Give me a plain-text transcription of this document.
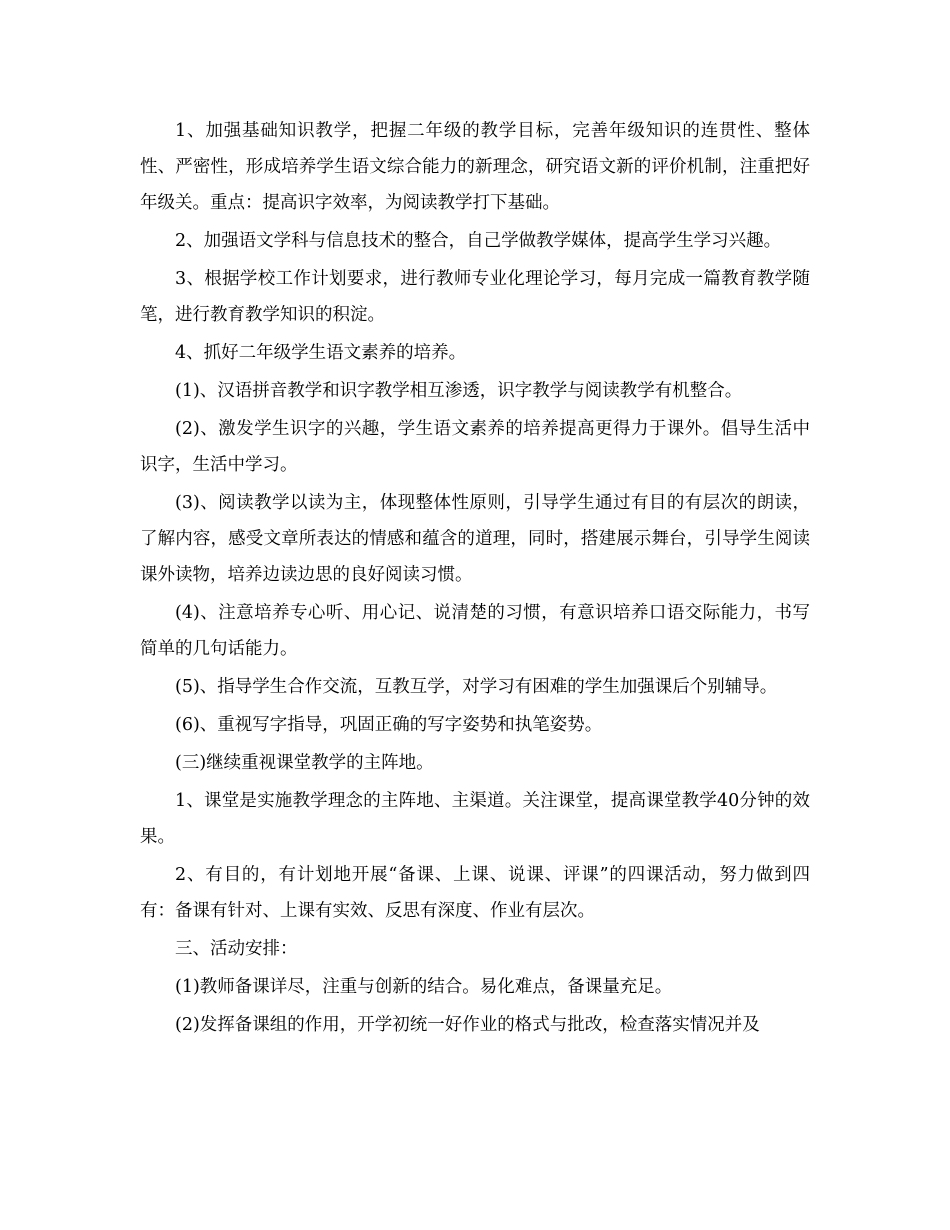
1、加强基础知识教学，把握二年级的教学目标，完善年级知识的连贯性、整体性、严密性，形成培养学生语文综合能力的新理念，研究语文新的评价机制，注重把好年级关。重点：提高识字效率，为阅读教学打下基础。

2、加强语文学科与信息技术的整合，自己学做教学媒体，提高学生学习兴趣。

3、根据学校工作计划要求，进行教师专业化理论学习，每月完成一篇教育教学随笔，进行教育教学知识的积淀。

4、抓好二年级学生语文素养的培养。

(1)、汉语拼音教学和识字教学相互渗透，识字教学与阅读教学有机整合。

(2)、激发学生识字的兴趣，学生语文素养的培养提高更得力于课外。倡导生活中识字，生活中学习。

(3)、阅读教学以读为主，体现整体性原则，引导学生通过有目的有层次的朗读，了解内容，感受文章所表达的情感和蕴含的道理，同时，搭建展示舞台，引导学生阅读课外读物，培养边读边思的良好阅读习惯。

(4)、注意培养专心听、用心记、说清楚的习惯，有意识培养口语交际能力，书写简单的几句话能力。

(5)、指导学生合作交流，互教互学，对学习有困难的学生加强课后个别辅导。

(6)、重视写字指导，巩固正确的写字姿势和执笔姿势。

(三)继续重视课堂教学的主阵地。

1、课堂是实施教学理念的主阵地、主渠道。关注课堂，提高课堂教学40分钟的效果。

2、有目的，有计划地开展“备课、上课、说课、评课”的四课活动，努力做到四有：备课有针对、上课有实效、反思有深度、作业有层次。

三、活动安排：

(1)教师备课详尽，注重与创新的结合。易化难点，备课量充足。

(2)发挥备课组的作用，开学初统一好作业的格式与批改，检查落实情况并及
